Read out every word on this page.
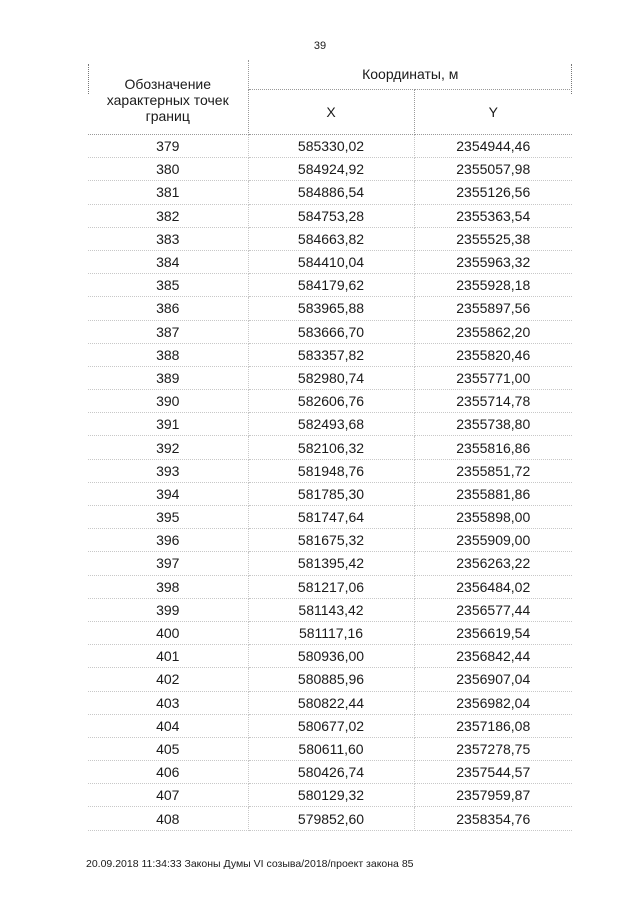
39
Обозначение характерных точек границ	Координаты, м	
	X	Y
379	585330,02	2354944,46
380	584924,92	2355057,98
381	584886,54	2355126,56
382	584753,28	2355363,54
383	584663,82	2355525,38
384	584410,04	2355963,32
385	584179,62	2355928,18
386	583965,88	2355897,56
387	583666,70	2355862,20
388	583357,82	2355820,46
389	582980,74	2355771,00
390	582606,76	2355714,78
391	582493,68	2355738,80
392	582106,32	2355816,86
393	581948,76	2355851,72
394	581785,30	2355881,86
395	581747,64	2355898,00
396	581675,32	2355909,00
397	581395,42	2356263,22
398	581217,06	2356484,02
399	581143,42	2356577,44
400	581117,16	2356619,54
401	580936,00	2356842,44
402	580885,96	2356907,04
403	580822,44	2356982,04
404	580677,02	2357186,08
405	580611,60	2357278,75
406	580426,74	2357544,57
407	580129,32	2357959,87
408	579852,60	2358354,76
20.09.2018 11:34:33 Законы Думы VI созыва/2018/проект закона 85
